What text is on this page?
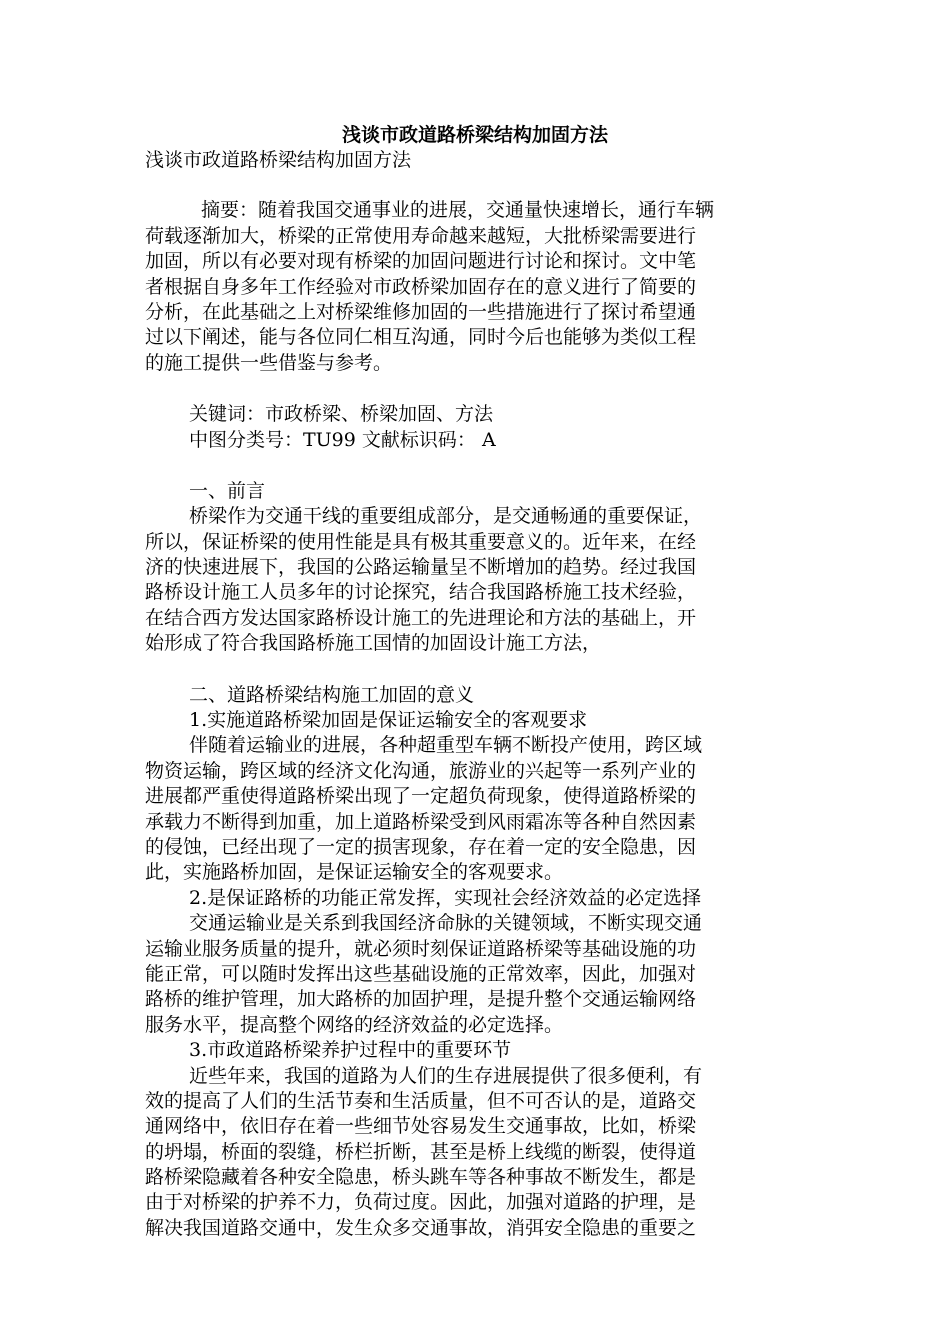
浅谈市政道路桥梁结构加固方法

浅谈市政道路桥梁结构加固方法

摘要：随着我国交通事业的进展，交通量快速增长，通行车辆

荷载逐渐加大，桥梁的正常使用寿命越来越短，大批桥梁需要进行

加固，所以有必要对现有桥梁的加固问题进行讨论和探讨。文中笔

者根据自身多年工作经验对市政桥梁加固存在的意义进行了简要的

分析，在此基础之上对桥梁维修加固的一些措施进行了探讨希望通

过以下阐述，能与各位同仁相互沟通，同时今后也能够为类似工程

的施工提供一些借鉴与参考。

关键词：市政桥梁、桥梁加固、方法

中图分类号：TU99 文献标识码： A

一、前言

桥梁作为交通干线的重要组成部分，是交通畅通的重要保证，

所以，保证桥梁的使用性能是具有极其重要意义的。近年来，在经

济的快速进展下，我国的公路运输量呈不断增加的趋势。经过我国

路桥设计施工人员多年的讨论探究，结合我国路桥施工技术经验，

在结合西方发达国家路桥设计施工的先进理论和方法的基础上，开

始形成了符合我国路桥施工国情的加固设计施工方法，

二、道路桥梁结构施工加固的意义

1.实施道路桥梁加固是保证运输安全的客观要求

伴随着运输业的进展，各种超重型车辆不断投产使用，跨区域

物资运输，跨区域的经济文化沟通，旅游业的兴起等一系列产业的

进展都严重使得道路桥梁出现了一定超负荷现象，使得道路桥梁的

承载力不断得到加重，加上道路桥梁受到风雨霜冻等各种自然因素

的侵蚀，已经出现了一定的损害现象，存在着一定的安全隐患，因

此，实施路桥加固，是保证运输安全的客观要求。

2.是保证路桥的功能正常发挥，实现社会经济效益的必定选择

交通运输业是关系到我国经济命脉的关键领域，不断实现交通

运输业服务质量的提升，就必须时刻保证道路桥梁等基础设施的功

能正常，可以随时发挥出这些基础设施的正常效率，因此，加强对

路桥的维护管理，加大路桥的加固护理，是提升整个交通运输网络

服务水平，提高整个网络的经济效益的必定选择。

3.市政道路桥梁养护过程中的重要环节

近些年来，我国的道路为人们的生存进展提供了很多便利，有

效的提高了人们的生活节奏和生活质量，但不可否认的是，道路交

通网络中，依旧存在着一些细节处容易发生交通事故，比如，桥梁

的坍塌，桥面的裂缝，桥栏折断，甚至是桥上线缆的断裂，使得道

路桥梁隐藏着各种安全隐患，桥头跳车等各种事故不断发生，都是

由于对桥梁的护养不力，负荷过度。因此，加强对道路的护理，是

解决我国道路交通中，发生众多交通事故，消弭安全隐患的重要之
